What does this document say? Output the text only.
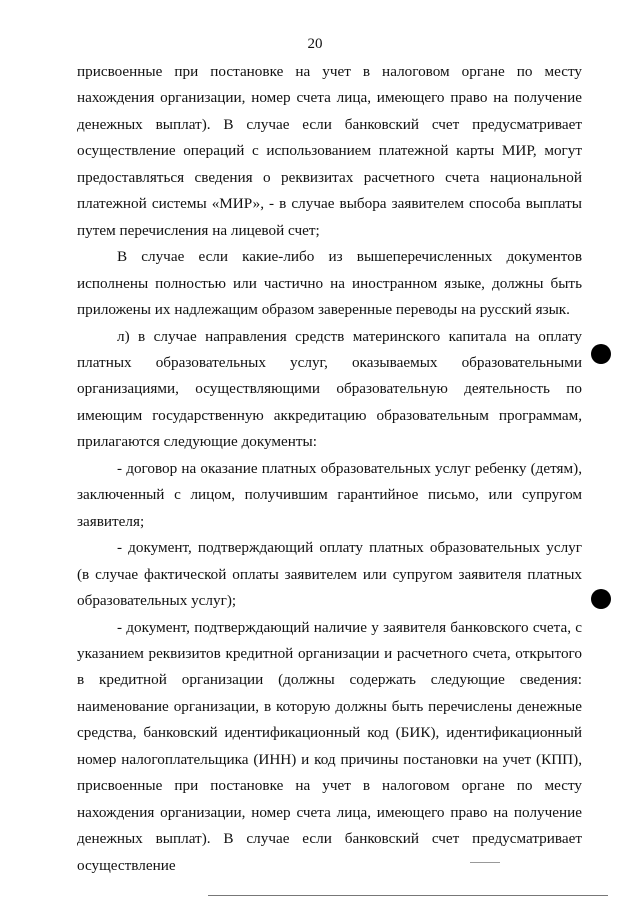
20

присвоенные при постановке на учет в налоговом органе по месту нахождения организации, номер счета лица, имеющего право на получение денежных выплат). В случае если банковский счет предусматривает осуществление операций с использованием платежной карты МИР, могут предоставляться сведения о реквизитах расчетного счета национальной платежной системы «МИР», - в случае выбора заявителем способа выплаты путем перечисления на лицевой счет;

В случае если какие-либо из вышеперечисленных документов исполнены полностью или частично на иностранном языке, должны быть приложены их надлежащим образом заверенные переводы на русский язык.

л) в случае направления средств материнского капитала на оплату платных образовательных услуг, оказываемых образовательными организациями, осуществляющими образовательную деятельность по имеющим государственную аккредитацию образовательным программам, прилагаются следующие документы:

- договор на оказание платных образовательных услуг ребенку (детям), заключенный с лицом, получившим гарантийное письмо, или супругом заявителя;

- документ, подтверждающий оплату платных образовательных услуг (в случае фактической оплаты заявителем или супругом заявителя платных образовательных услуг);

- документ, подтверждающий наличие у заявителя банковского счета, с указанием реквизитов кредитной организации и расчетного счета, открытого в кредитной организации (должны содержать следующие сведения: наименование организации, в которую должны быть перечислены денежные средства, банковский идентификационный код (БИК), идентификационный номер налогоплательщика (ИНН) и код причины постановки на учет (КПП), присвоенные при постановке на учет в налоговом органе по месту нахождения организации, номер счета лица, имеющего право на получение денежных выплат). В случае если банковский счет предусматривает осуществление
